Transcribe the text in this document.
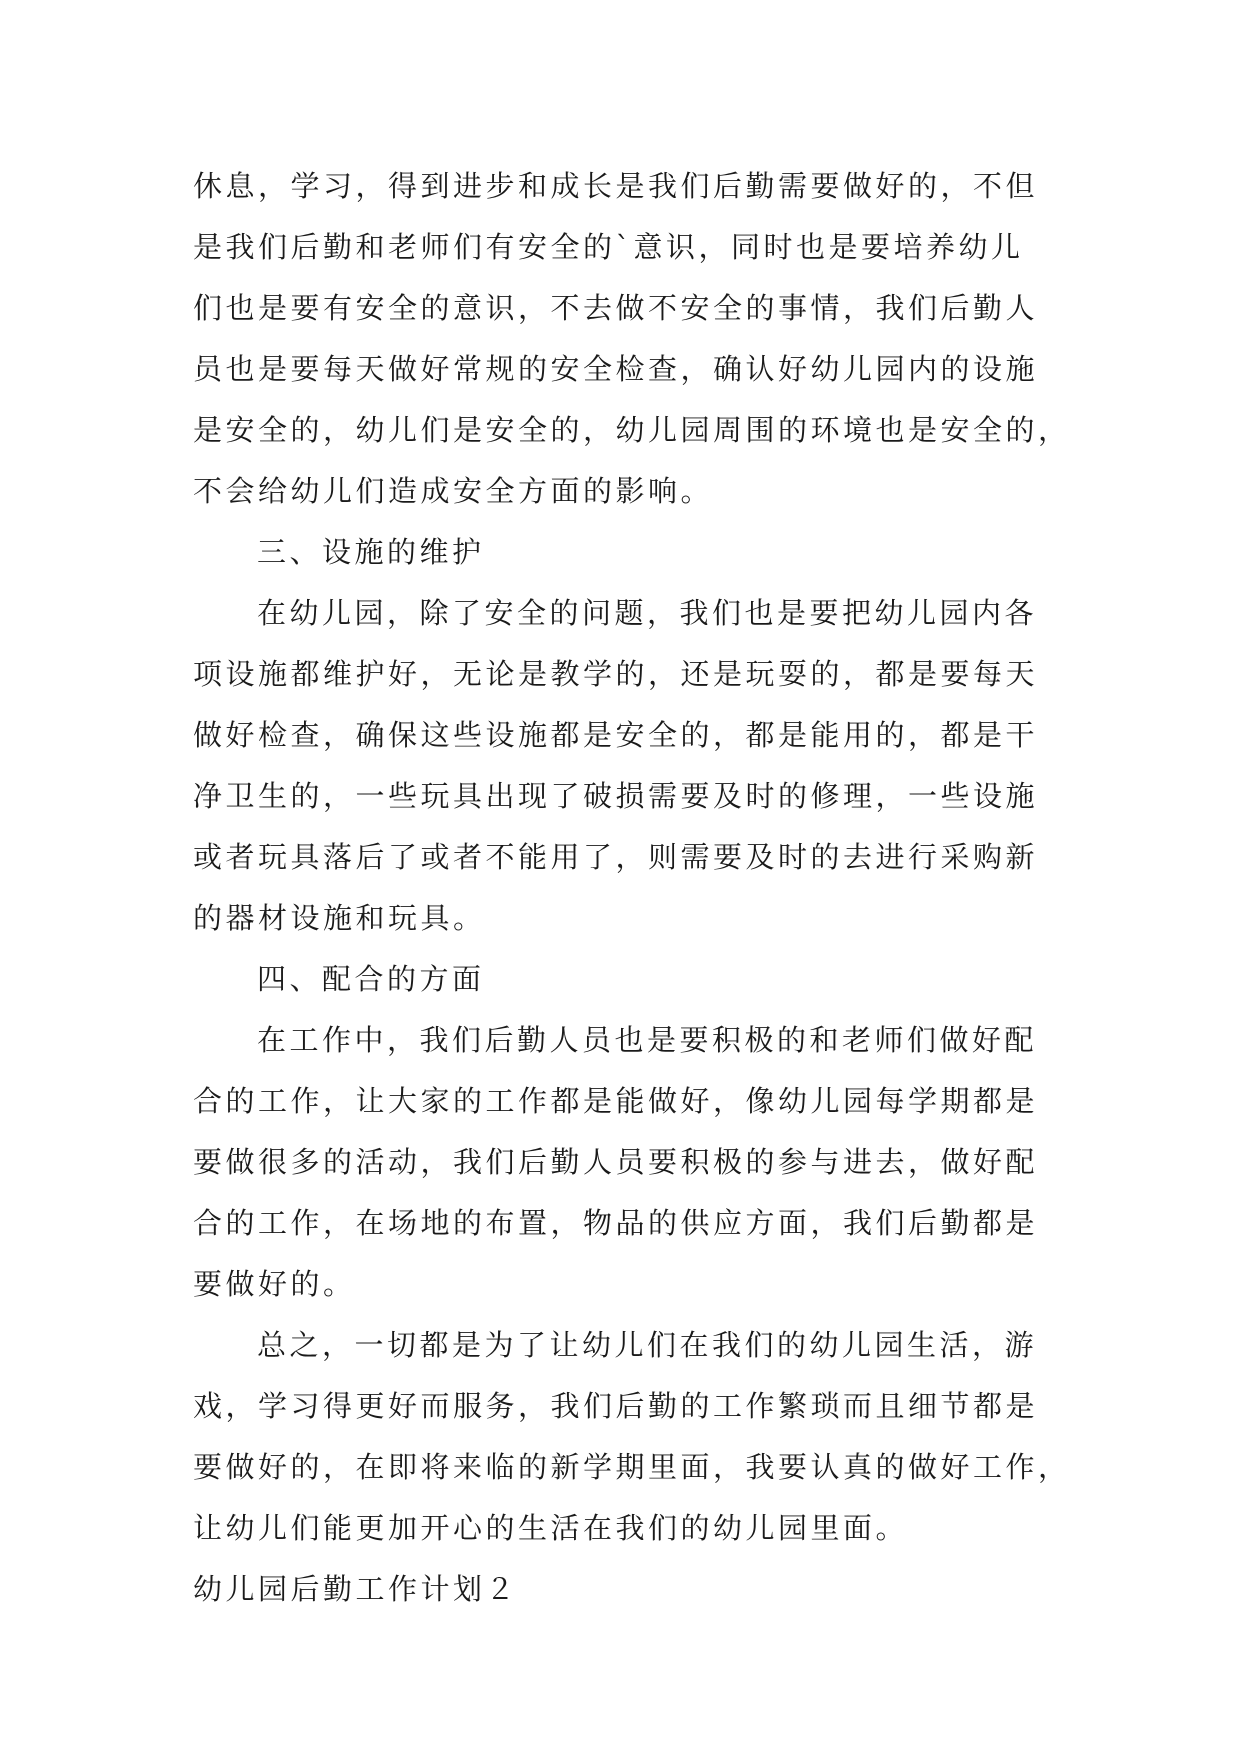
休息，学习，得到进步和成长是我们后勤需要做好的，不但
是我们后勤和老师们有安全的`意识，同时也是要培养幼儿
们也是要有安全的意识，不去做不安全的事情，我们后勤人
员也是要每天做好常规的安全检查，确认好幼儿园内的设施
是安全的，幼儿们是安全的，幼儿园周围的环境也是安全的，
不会给幼儿们造成安全方面的影响。
三、设施的维护
在幼儿园，除了安全的问题，我们也是要把幼儿园内各
项设施都维护好，无论是教学的，还是玩耍的，都是要每天
做好检查，确保这些设施都是安全的，都是能用的，都是干
净卫生的，一些玩具出现了破损需要及时的修理，一些设施
或者玩具落后了或者不能用了，则需要及时的去进行采购新
的器材设施和玩具。
四、配合的方面
在工作中，我们后勤人员也是要积极的和老师们做好配
合的工作，让大家的工作都是能做好，像幼儿园每学期都是
要做很多的活动，我们后勤人员要积极的参与进去，做好配
合的工作，在场地的布置，物品的供应方面，我们后勤都是
要做好的。
总之，一切都是为了让幼儿们在我们的幼儿园生活，游
戏，学习得更好而服务，我们后勤的工作繁琐而且细节都是
要做好的，在即将来临的新学期里面，我要认真的做好工作，
让幼儿们能更加开心的生活在我们的幼儿园里面。
幼儿园后勤工作计划２
